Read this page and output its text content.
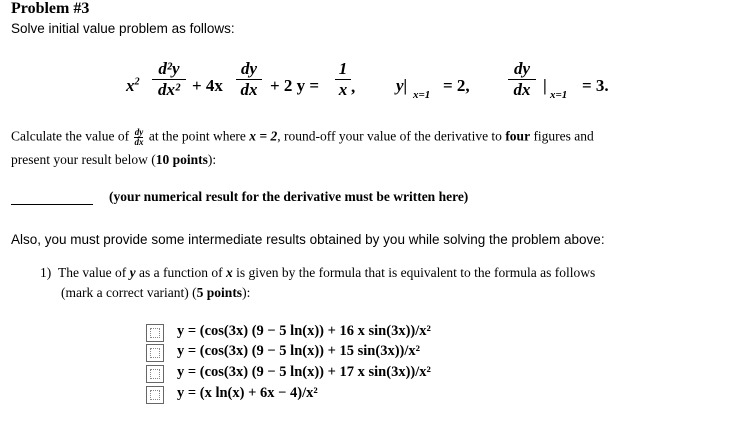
Problem #3
Solve initial value problem as follows:
$x^2 \frac{\text{d²y}}{\text{dx²}} + 4x \frac{dy}{dx} + 2$ $y = \frac{1}{x}$ , y| x=1 = 2, $\frac{dy}{dx}$ | x=1 = 3.
Calculate the value of $\frac{dy}{dx}$ at the point where x = 2, round-off your value of the derivative to four figures and
present your result below (10 points):
(your numerical result for the derivative must be written here)
Also, you must provide some intermediate results obtained by you while solving the problem above:
1) The value of y as a function of x is given by the formula that is equivalent to the formula as follows
(mark a correct variant) (5 points):
y = (cos(3x) (9 − 5 ln(x)) + 16 x sin(3x))/x²
y = (cos(3x) (9 − 5 ln(x)) + 15 sin(3x))/x²
y = (cos(3x) (9 − 5 ln(x)) + 17 x sin(3x))/x²
y = (x ln(x) + 6x − 4)/x²
